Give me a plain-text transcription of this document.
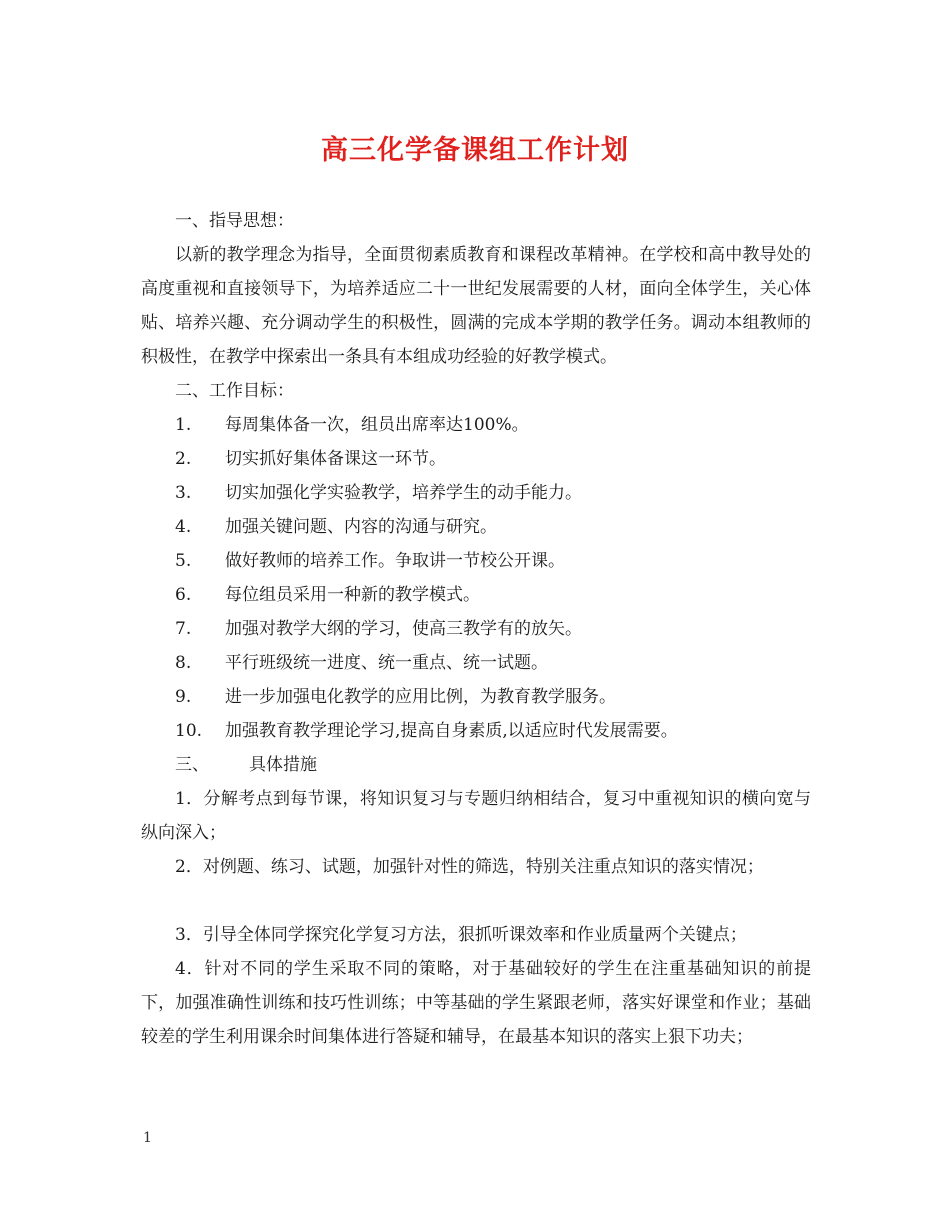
高三化学备课组工作计划

一、指导思想：

以新的教学理念为指导，全面贯彻素质教育和课程改革精神。在学校和高中教导处的高度重视和直接领导下，为培养适应二十一世纪发展需要的人材，面向全体学生，关心体贴、培养兴趣、充分调动学生的积极性，圆满的完成本学期的教学任务。调动本组教师的积极性，在教学中探索出一条具有本组成功经验的好教学模式。

二、工作目标：

1. 每周集体备一次，组员出席率达100%。

2. 切实抓好集体备课这一环节。

3. 切实加强化学实验教学，培养学生的动手能力。

4. 加强关键问题、内容的沟通与研究。

5. 做好教师的培养工作。争取讲一节校公开课。

6. 每位组员采用一种新的教学模式。

7. 加强对教学大纲的学习，使高三教学有的放矢。

8. 平行班级统一进度、统一重点、统一试题。

9. 进一步加强电化教学的应用比例，为教育教学服务。

10. 加强教育教学理论学习,提高自身素质,以适应时代发展需要。

三、 具体措施

1．分解考点到每节课，将知识复习与专题归纳相结合，复习中重视知识的横向宽与纵向深入；

2．对例题、练习、试题，加强针对性的筛选，特别关注重点知识的落实情况；

3．引导全体同学探究化学复习方法，狠抓听课效率和作业质量两个关键点；

4．针对不同的学生采取不同的策略，对于基础较好的学生在注重基础知识的前提下，加强准确性训练和技巧性训练；中等基础的学生紧跟老师，落实好课堂和作业；基础较差的学生利用课余时间集体进行答疑和辅导，在最基本知识的落实上狠下功夫；

1
